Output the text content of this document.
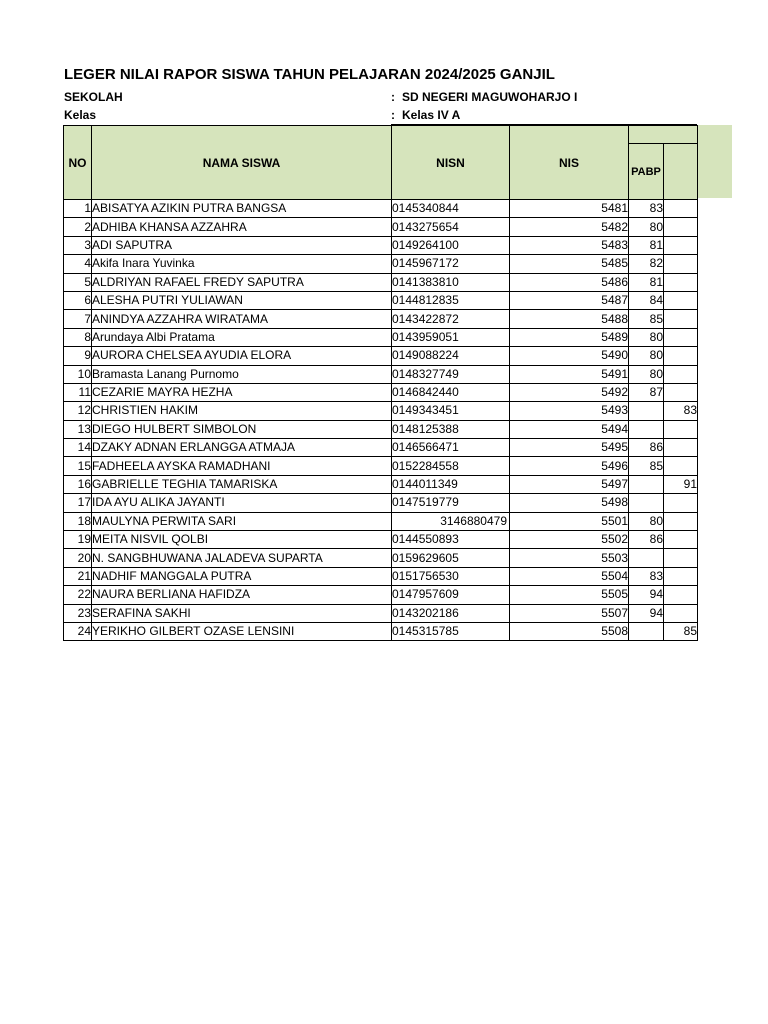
LEGER NILAI RAPOR SISWA TAHUN PELAJARAN 2024/2025 GANJIL
SEKOLAH	: SD NEGERI MAGUWOHARJO I
Kelas	: Kelas IV A
NO	NAMA SISWA	NISN	NIS		
				PABP	
1	ABISATYA AZIKIN PUTRA BANGSA	0145340844	5481	83	
2	ADHIBA KHANSA AZZAHRA	0143275654	5482	80	
3	ADI SAPUTRA	0149264100	5483	81	
4	Akifa Inara Yuvinka	0145967172	5485	82	
5	ALDRIYAN RAFAEL FREDY SAPUTRA	0141383810	5486	81	
6	ALESHA PUTRI YULIAWAN	0144812835	5487	84	
7	ANINDYA AZZAHRA WIRATAMA	0143422872	5488	85	
8	Arundaya Albi Pratama	0143959051	5489	80	
9	AURORA CHELSEA AYUDIA ELORA	0149088224	5490	80	
10	Bramasta Lanang Purnomo	0148327749	5491	80	
11	CEZARIE MAYRA HEZHA	0146842440	5492	87	
12	CHRISTIEN HAKIM	0149343451	5493		83
13	DIEGO HULBERT SIMBOLON	0148125388	5494		
14	DZAKY ADNAN ERLANGGA ATMAJA	0146566471	5495	86	
15	FADHEELA AYSKA RAMADHANI	0152284558	5496	85	
16	GABRIELLE TEGHIA TAMARISKA	0144011349	5497		91
17	IDA AYU ALIKA JAYANTI	0147519779	5498		
18	MAULYNA PERWITA SARI	3146880479	5501	80	
19	MEITA NISVIL QOLBI	0144550893	5502	86	
20	N. SANGBHUWANA JALADEVA SUPARTA	0159629605	5503		
21	NADHIF MANGGALA PUTRA	0151756530	5504	83	
22	NAURA BERLIANA HAFIDZA	0147957609	5505	94	
23	SERAFINA SAKHI	0143202186	5507	94	
24	YERIKHO GILBERT OZASE LENSINI	0145315785	5508		85
